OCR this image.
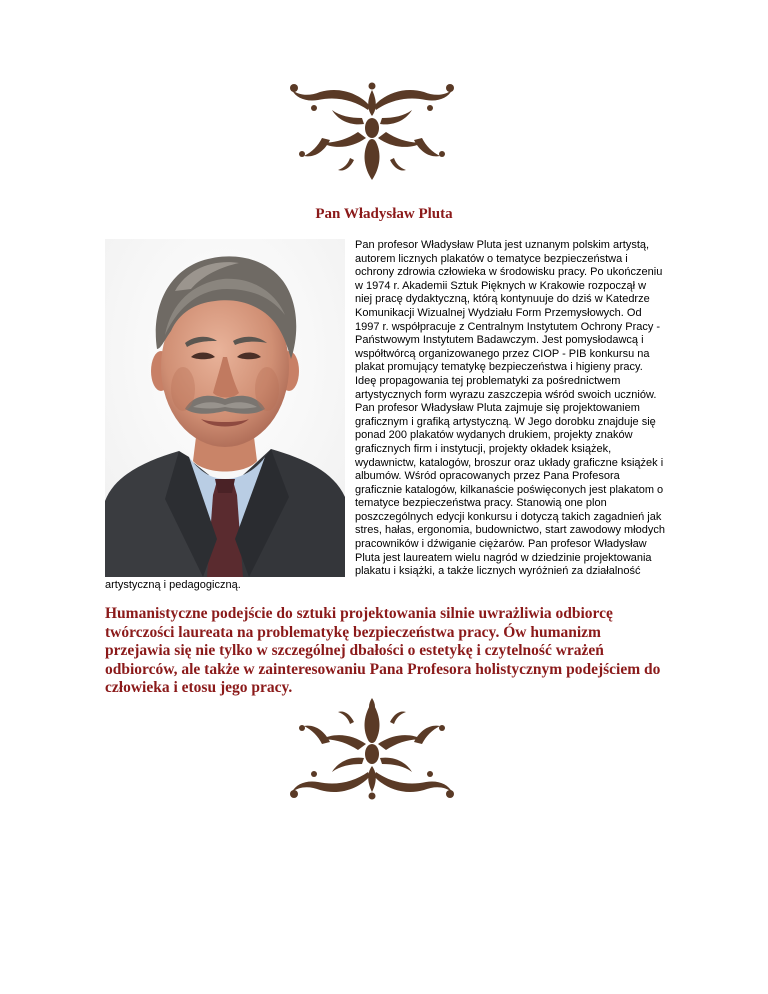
Pan Władysław Pluta

Pan profesor Władysław Pluta jest uznanym polskim artystą, autorem licznych plakatów o tematyce bezpieczeństwa i ochrony zdrowia człowieka w środowisku pracy. Po ukończeniu w 1974 r. Akademii Sztuk Pięknych w Krakowie rozpoczął w niej pracę dydaktyczną, którą kontynuuje do dziś w Katedrze Komunikacji Wizualnej Wydziału Form Przemysłowych. Od 1997 r. współpracuje z Centralnym Instytutem Ochrony Pracy - Państwowym Instytutem Badawczym. Jest pomysłodawcą i współtwórcą organizowanego przez CIOP - PIB konkursu na plakat promujący tematykę bezpieczeństwa i higieny pracy. Ideę propagowania tej problematyki za pośrednictwem artystycznych form wyrazu zaszczepia wśród swoich uczniów. Pan profesor Władysław Pluta zajmuje się projektowaniem graficznym i grafiką artystyczną. W Jego dorobku znajduje się ponad 200 plakatów wydanych drukiem, projekty znaków graficznych firm i instytucji, projekty okładek książek, wydawnictw, katalogów, broszur oraz układy graficzne książek i albumów. Wśród opracowanych przez Pana Profesora graficznie katalogów, kilkanaście poświęconych jest plakatom o tematyce bezpieczeństwa pracy. Stanowią one plon poszczególnych edycji konkursu i dotyczą takich zagadnień jak stres, hałas, ergonomia, budownictwo, start zawodowy młodych pracowników i dźwiganie ciężarów. Pan profesor Władysław Pluta jest laureatem wielu nagród w dziedzinie projektowania plakatu i książki, a także licznych wyróżnień za działalność artystyczną i pedagogiczną.

Humanistyczne podejście do sztuki projektowania silnie uwrażliwia odbiorcę twórczości laureata na problematykę bezpieczeństwa pracy. Ów humanizm przejawia się nie tylko w szczególnej dbałości o estetykę i czytelność wrażeń odbiorców, ale także w zainteresowaniu Pana Profesora holistycznym podejściem do człowieka i etosu jego pracy.
